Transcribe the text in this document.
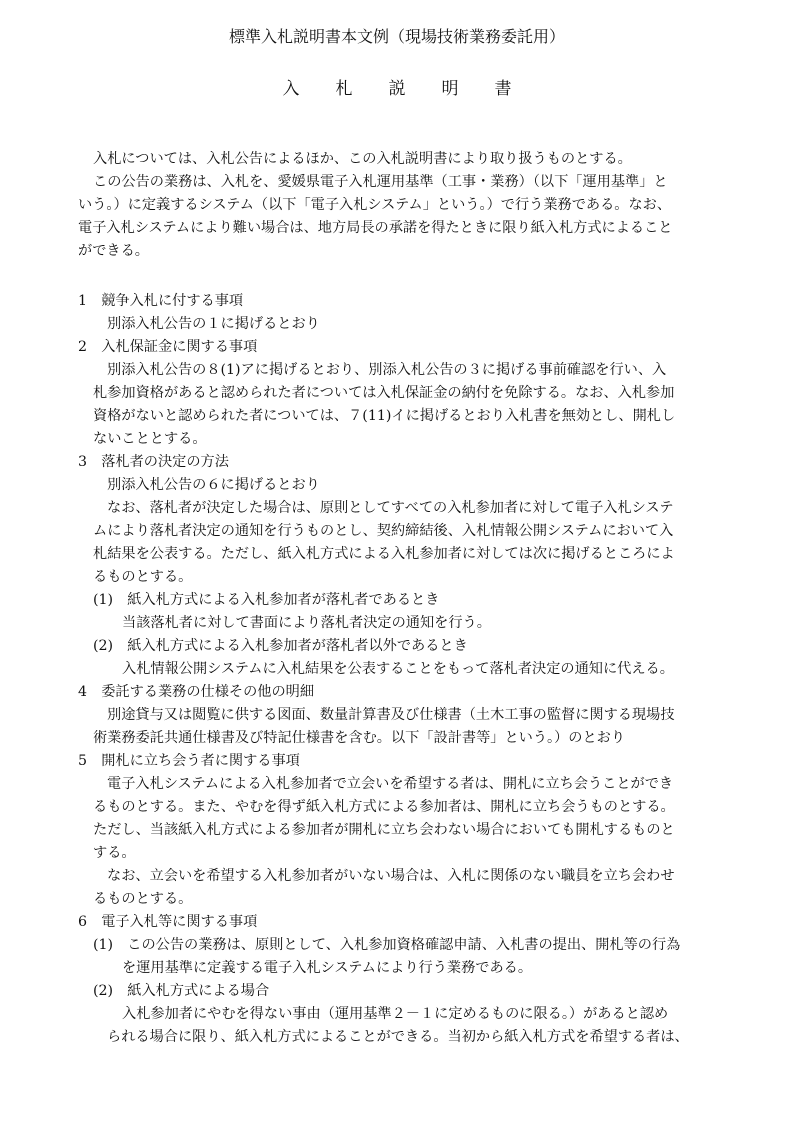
標準入札説明書本文例（現場技術業務委託用）
入札説明書
入札については、入札公告によるほか、この入札説明書により取り扱うものとする。
この公告の業務は、入札を、愛媛県電子入札運用基準（工事・業務）（以下「運用基準」と
いう。）に定義するシステム（以下「電子入札システム」という。）で行う業務である。なお、
電子入札システムにより難い場合は、地方局長の承諾を得たときに限り紙入札方式によること
ができる。
1　競争入札に付する事項
別添入札公告の１に掲げるとおり
2　入札保証金に関する事項
別添入札公告の８(1)アに掲げるとおり、別添入札公告の３に掲げる事前確認を行い、入
札参加資格があると認められた者については入札保証金の納付を免除する。なお、入札参加
資格がないと認められた者については、７(11)イに掲げるとおり入札書を無効とし、開札し
ないこととする。
3　落札者の決定の方法
別添入札公告の６に掲げるとおり
なお、落札者が決定した場合は、原則としてすべての入札参加者に対して電子入札システ
ムにより落札者決定の通知を行うものとし、契約締結後、入札情報公開システムにおいて入
札結果を公表する。ただし、紙入札方式による入札参加者に対しては次に掲げるところによ
るものとする。
(1)　紙入札方式による入札参加者が落札者であるとき
当該落札者に対して書面により落札者決定の通知を行う。
(2)　紙入札方式による入札参加者が落札者以外であるとき
入札情報公開システムに入札結果を公表することをもって落札者決定の通知に代える。
4　委託する業務の仕様その他の明細
別途貸与又は閲覧に供する図面、数量計算書及び仕様書（土木工事の監督に関する現場技
術業務委託共通仕様書及び特記仕様書を含む。以下「設計書等」という。）のとおり
5　開札に立ち会う者に関する事項
電子入札システムによる入札参加者で立会いを希望する者は、開札に立ち会うことができ
るものとする。また、やむを得ず紙入札方式による参加者は、開札に立ち会うものとする。
ただし、当該紙入札方式による参加者が開札に立ち会わない場合においても開札するものと
する。
なお、立会いを希望する入札参加者がいない場合は、入札に関係のない職員を立ち会わせ
るものとする。
6　電子入札等に関する事項
(1)　この公告の業務は、原則として、入札参加資格確認申請、入札書の提出、開札等の行為
を運用基準に定義する電子入札システムにより行う業務である。
(2)　紙入札方式による場合
入札参加者にやむを得ない事由（運用基準２－１に定めるものに限る。）があると認め
られる場合に限り、紙入札方式によることができる。当初から紙入札方式を希望する者は、
